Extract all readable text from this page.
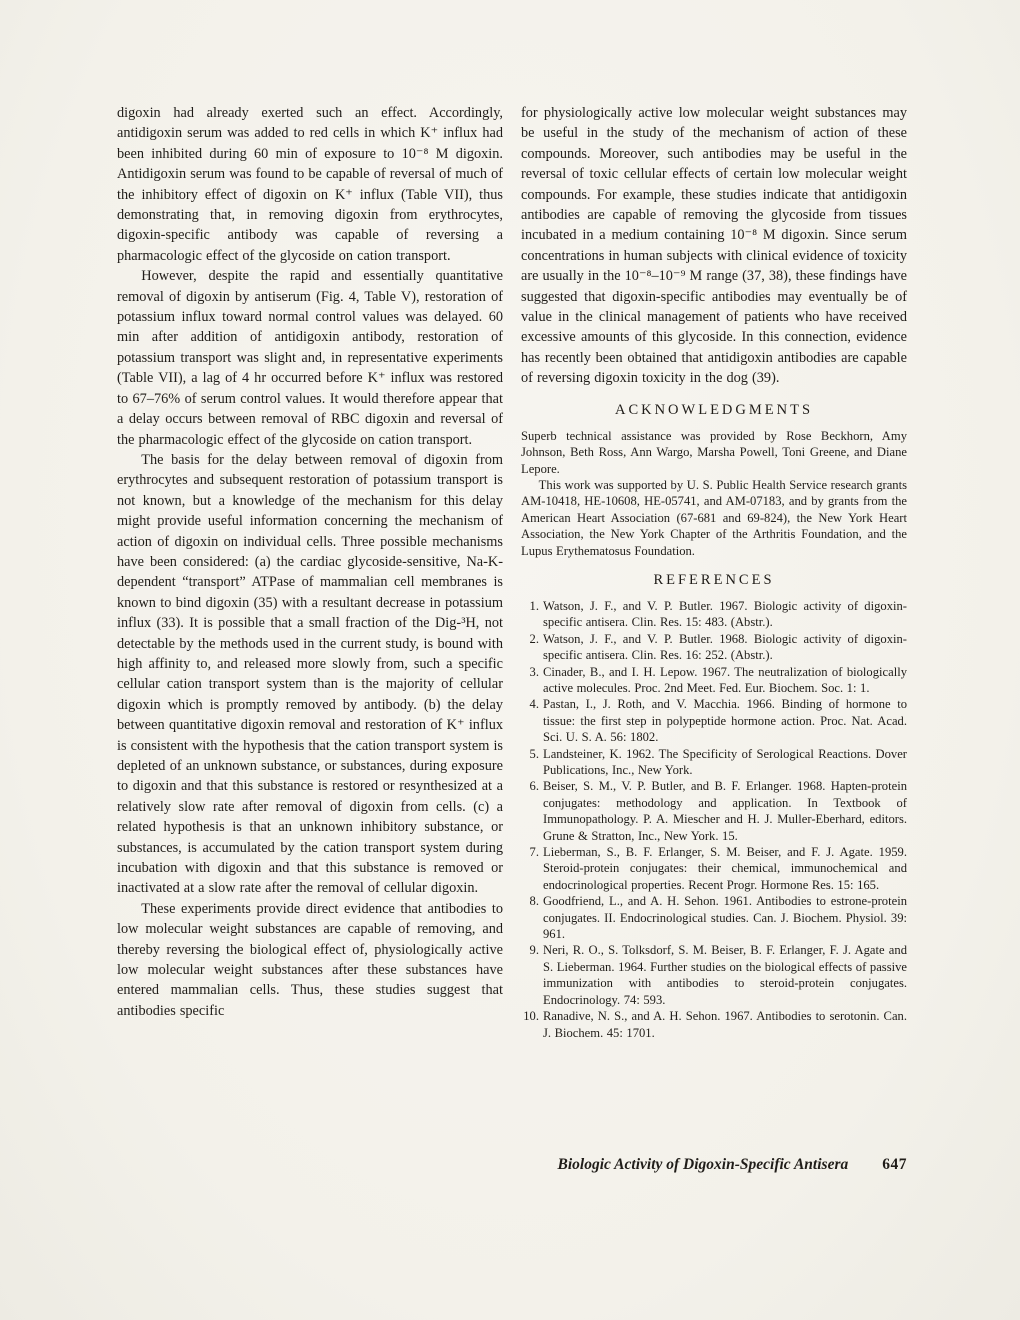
digoxin had already exerted such an effect. Accordingly, antidigoxin serum was added to red cells in which K⁺ influx had been inhibited during 60 min of exposure to 10⁻⁸ M digoxin. Antidigoxin serum was found to be capable of reversal of much of the inhibitory effect of digoxin on K⁺ influx (Table VII), thus demonstrating that, in removing digoxin from erythrocytes, digoxin-specific antibody was capable of reversing a pharmacologic effect of the glycoside on cation transport.

However, despite the rapid and essentially quantitative removal of digoxin by antiserum (Fig. 4, Table V), restoration of potassium influx toward normal control values was delayed. 60 min after addition of antidigoxin antibody, restoration of potassium transport was slight and, in representative experiments (Table VII), a lag of 4 hr occurred before K⁺ influx was restored to 67–76% of serum control values. It would therefore appear that a delay occurs between removal of RBC digoxin and reversal of the pharmacologic effect of the glycoside on cation transport.

The basis for the delay between removal of digoxin from erythrocytes and subsequent restoration of potassium transport is not known, but a knowledge of the mechanism for this delay might provide useful information concerning the mechanism of action of digoxin on individual cells. Three possible mechanisms have been considered: (a) the cardiac glycoside-sensitive, Na-K-dependent “transport” ATPase of mammalian cell membranes is known to bind digoxin (35) with a resultant decrease in potassium influx (33). It is possible that a small fraction of the Dig-³H, not detectable by the methods used in the current study, is bound with high affinity to, and released more slowly from, such a specific cellular cation transport system than is the majority of cellular digoxin which is promptly removed by antibody. (b) the delay between quantitative digoxin removal and restoration of K⁺ influx is consistent with the hypothesis that the cation transport system is depleted of an unknown substance, or substances, during exposure to digoxin and that this substance is restored or resynthesized at a relatively slow rate after removal of digoxin from cells. (c) a related hypothesis is that an unknown inhibitory substance, or substances, is accumulated by the cation transport system during incubation with digoxin and that this substance is removed or inactivated at a slow rate after the removal of cellular digoxin.

These experiments provide direct evidence that antibodies to low molecular weight substances are capable of removing, and thereby reversing the biological effect of, physiologically active low molecular weight substances after these substances have entered mammalian cells. Thus, these studies suggest that antibodies specific

for physiologically active low molecular weight substances may be useful in the study of the mechanism of action of these compounds. Moreover, such antibodies may be useful in the reversal of toxic cellular effects of certain low molecular weight compounds. For example, these studies indicate that antidigoxin antibodies are capable of removing the glycoside from tissues incubated in a medium containing 10⁻⁸ M digoxin. Since serum concentrations in human subjects with clinical evidence of toxicity are usually in the 10⁻⁸–10⁻⁹ M range (37, 38), these findings have suggested that digoxin-specific antibodies may eventually be of value in the clinical management of patients who have received excessive amounts of this glycoside. In this connection, evidence has recently been obtained that antidigoxin antibodies are capable of reversing digoxin toxicity in the dog (39).

ACKNOWLEDGMENTS

Superb technical assistance was provided by Rose Beckhorn, Amy Johnson, Beth Ross, Ann Wargo, Marsha Powell, Toni Greene, and Diane Lepore.

This work was supported by U. S. Public Health Service research grants AM-10418, HE-10608, HE-05741, and AM-07183, and by grants from the American Heart Association (67-681 and 69-824), the New York Heart Association, the New York Chapter of the Arthritis Foundation, and the Lupus Erythematosus Foundation.

REFERENCES
1. Watson, J. F., and V. P. Butler. 1967. Biologic activity of digoxin-specific antisera. Clin. Res. 15: 483. (Abstr.).
2. Watson, J. F., and V. P. Butler. 1968. Biologic activity of digoxin-specific antisera. Clin. Res. 16: 252. (Abstr.).
3. Cinader, B., and I. H. Lepow. 1967. The neutralization of biologically active molecules. Proc. 2nd Meet. Fed. Eur. Biochem. Soc. 1: 1.
4. Pastan, I., J. Roth, and V. Macchia. 1966. Binding of hormone to tissue: the first step in polypeptide hormone action. Proc. Nat. Acad. Sci. U. S. A. 56: 1802.
5. Landsteiner, K. 1962. The Specificity of Serological Reactions. Dover Publications, Inc., New York.
6. Beiser, S. M., V. P. Butler, and B. F. Erlanger. 1968. Hapten-protein conjugates: methodology and application. In Textbook of Immunopathology. P. A. Miescher and H. J. Muller-Eberhard, editors. Grune & Stratton, Inc., New York. 15.
7. Lieberman, S., B. F. Erlanger, S. M. Beiser, and F. J. Agate. 1959. Steroid-protein conjugates: their chemical, immunochemical and endocrinological properties. Recent Progr. Hormone Res. 15: 165.
8. Goodfriend, L., and A. H. Sehon. 1961. Antibodies to estrone-protein conjugates. II. Endocrinological studies. Can. J. Biochem. Physiol. 39: 961.
9. Neri, R. O., S. Tolksdorf, S. M. Beiser, B. F. Erlanger, F. J. Agate and S. Lieberman. 1964. Further studies on the biological effects of passive immunization with antibodies to steroid-protein conjugates. Endocrinology. 74: 593.
10. Ranadive, N. S., and A. H. Sehon. 1967. Antibodies to serotonin. Can. J. Biochem. 45: 1701.
Biologic Activity of Digoxin-Specific Antisera 647
